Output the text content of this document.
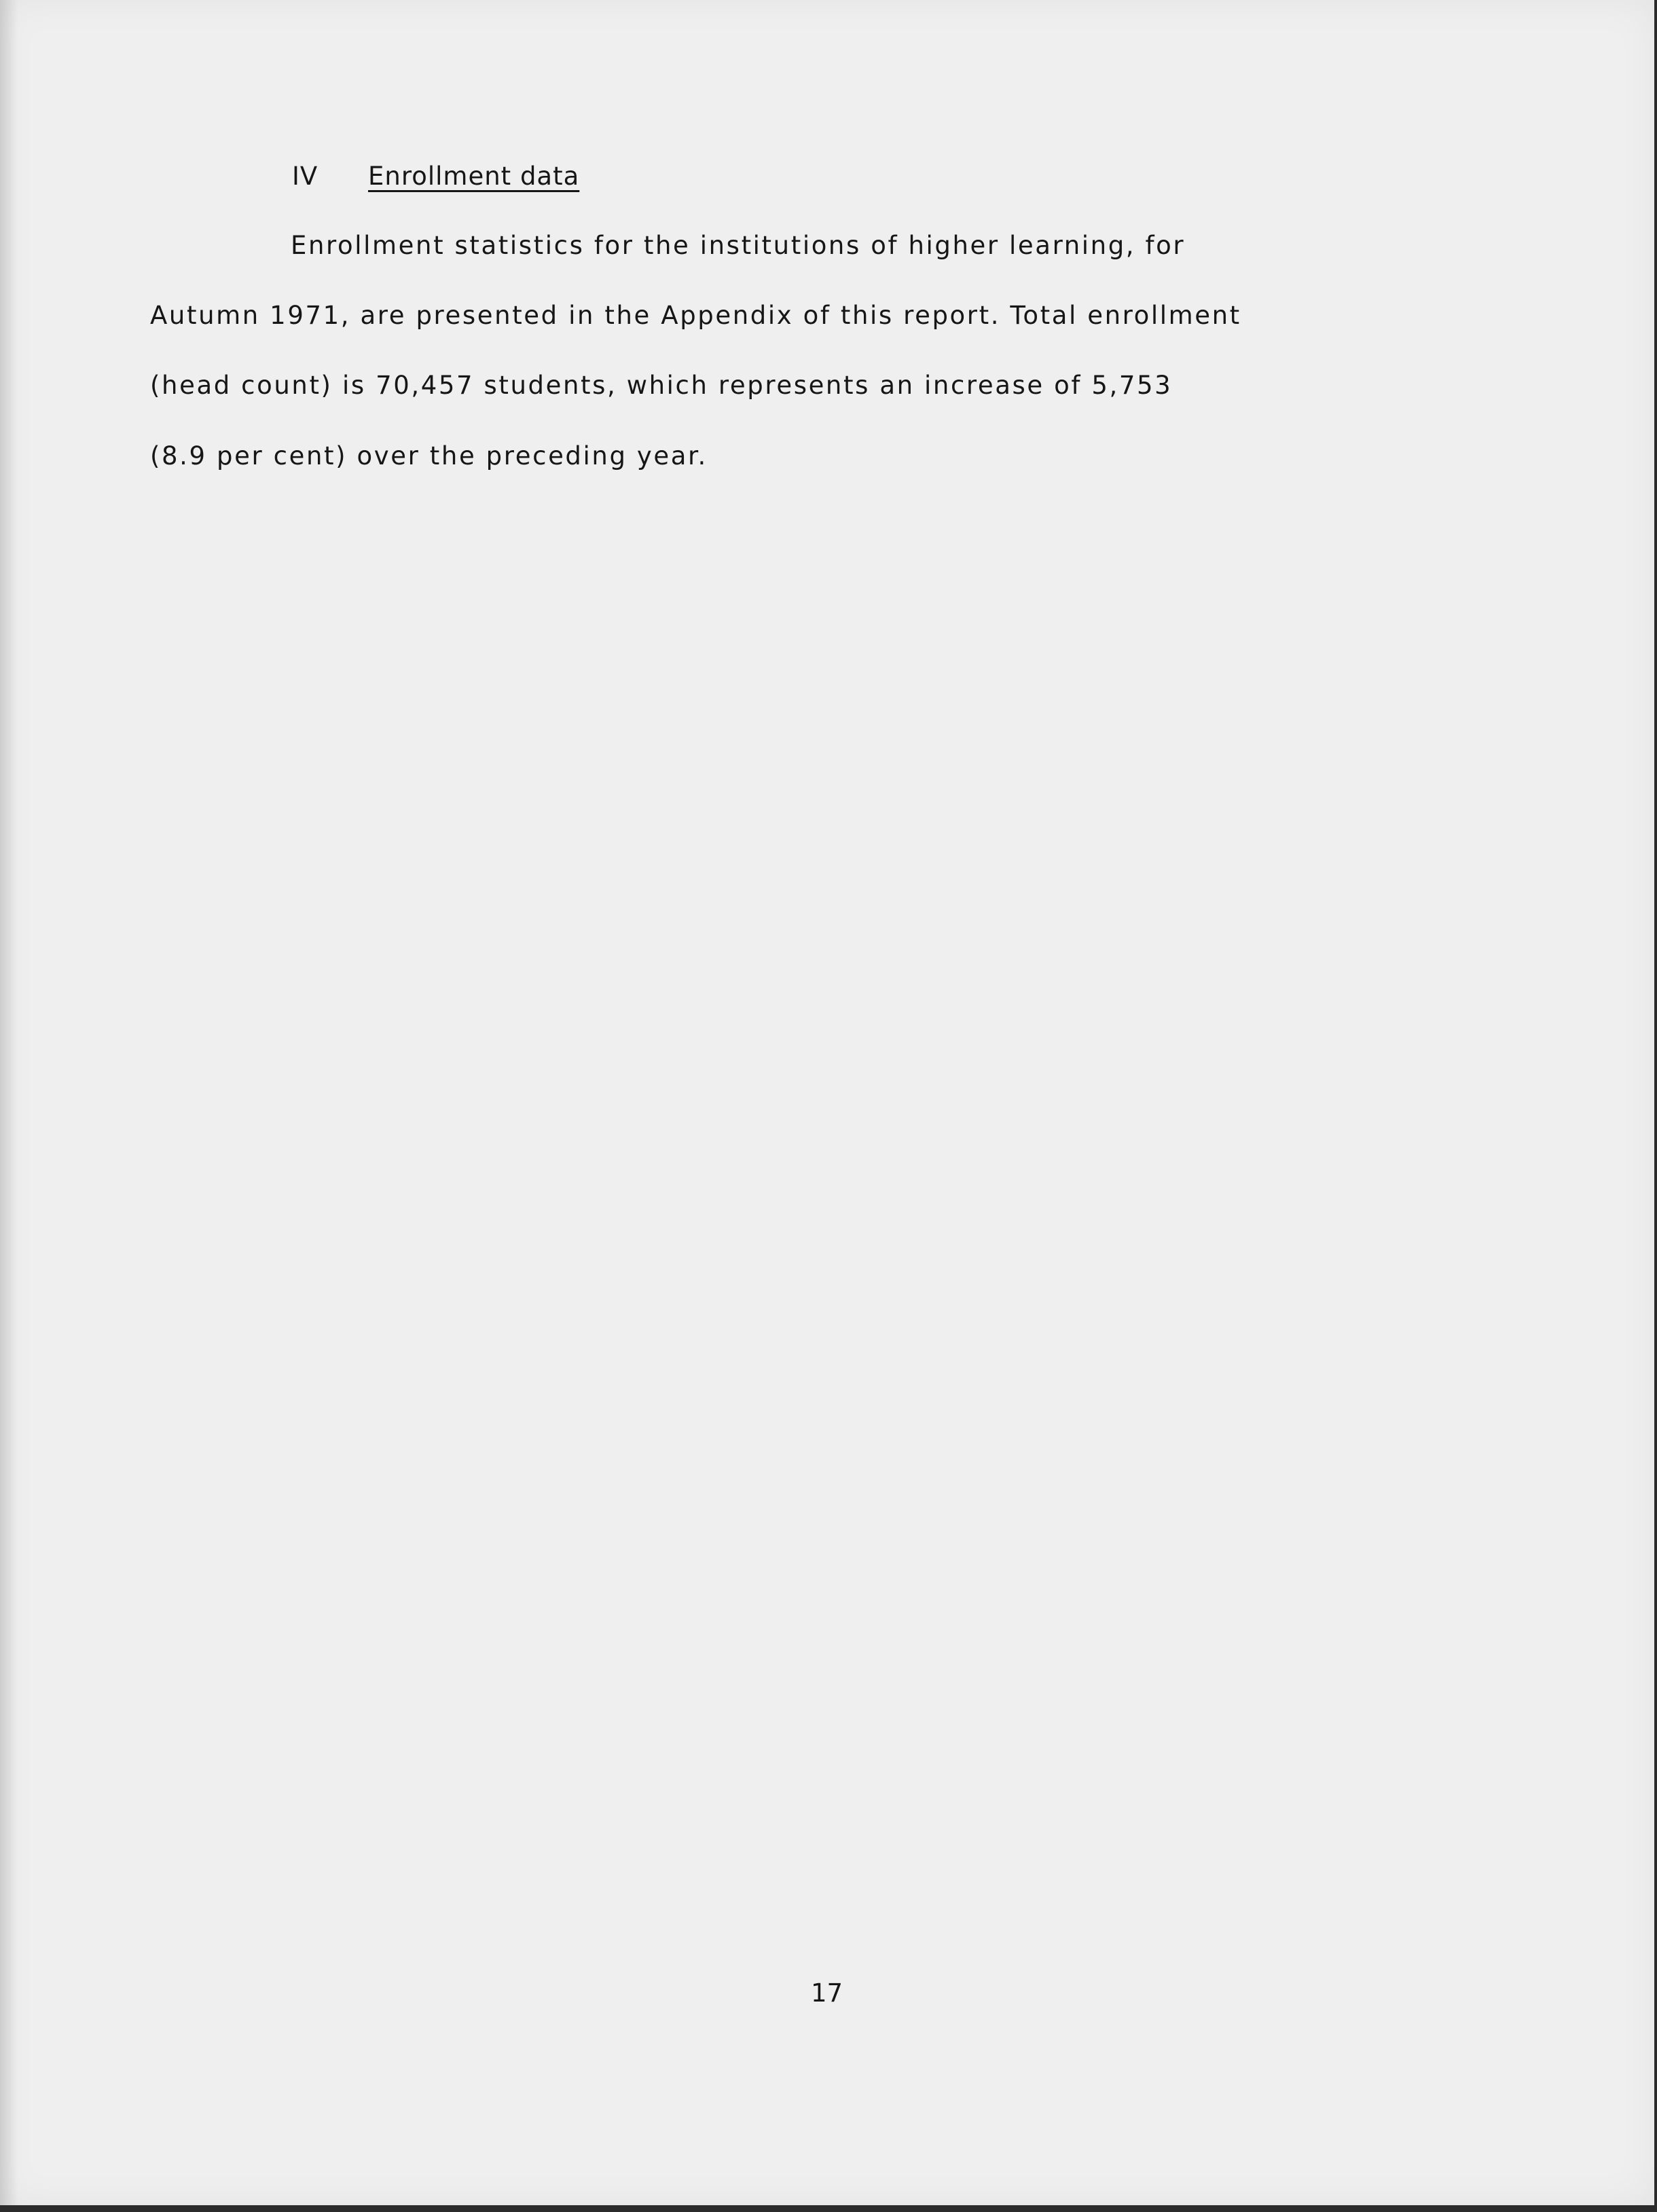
IV Enrollment data
Enrollment statistics for the institutions of higher learning, for
Autumn 1971, are presented in the Appendix of this report. Total enrollment
(head count) is 70,457 students, which represents an increase of 5,753
(8.9 per cent) over the preceding year.
17
